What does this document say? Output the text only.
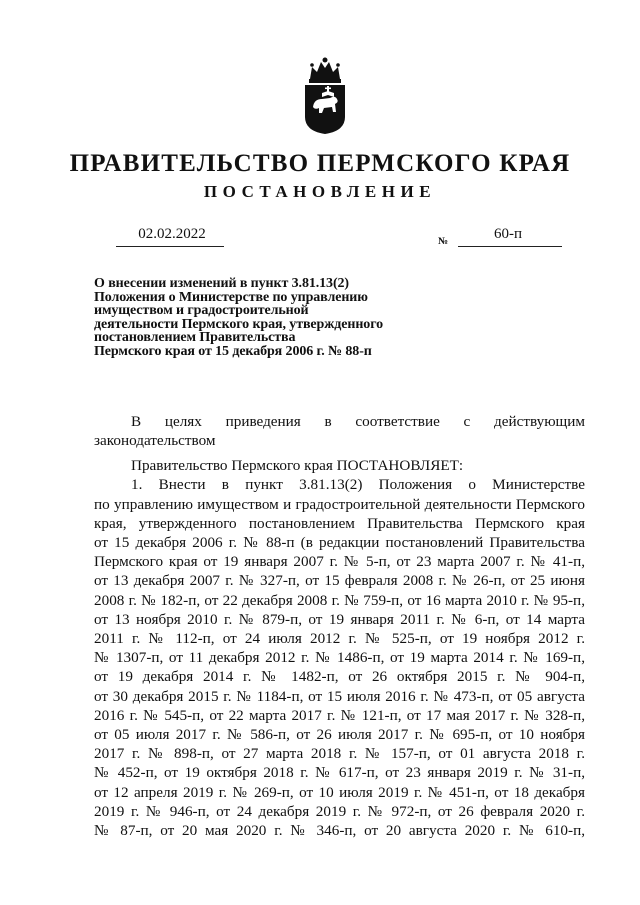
ПРАВИТЕЛЬСТВО ПЕРМСКОГО КРАЯ
ПОСТАНОВЛЕНИЕ
02.02.2022	№	60-п
О внесении изменений в пункт 3.81.13(2)
Положения о Министерстве по управлению
имуществом и градостроительной
деятельности Пермского края, утвержденного
постановлением Правительства
Пермского края от 15 декабря 2006 г. № 88-п
В целях приведения в соответствие с действующим
законодательством
Правительство Пермского края ПОСТАНОВЛЯЕТ:
1. Внести в пункт 3.81.13(2) Положения о Министерстве
по управлению имуществом и градостроительной деятельности Пермского
края, утвержденного постановлением Правительства Пермского края
от 15 декабря 2006 г. № 88-п (в редакции постановлений Правительства
Пермского края от 19 января 2007 г. № 5-п, от 23 марта 2007 г. № 41-п,
от 13 декабря 2007 г. № 327-п, от 15 февраля 2008 г. № 26-п, от 25 июня
2008 г. № 182-п, от 22 декабря 2008 г. № 759-п, от 16 марта 2010 г. № 95-п,
от 13 ноября 2010 г. № 879-п, от 19 января 2011 г. № 6-п, от 14 марта
2011 г. № 112-п, от 24 июля 2012 г. № 525-п, от 19 ноября 2012 г.
№ 1307-п, от 11 декабря 2012 г. № 1486-п, от 19 марта 2014 г. № 169-п,
от 19 декабря 2014 г. № 1482-п, от 26 октября 2015 г. № 904-п,
от 30 декабря 2015 г. № 1184-п, от 15 июля 2016 г. № 473-п, от 05 августа
2016 г. № 545-п, от 22 марта 2017 г. № 121-п, от 17 мая 2017 г. № 328-п,
от 05 июля 2017 г. № 586-п, от 26 июля 2017 г. № 695-п, от 10 ноября
2017 г. № 898-п, от 27 марта 2018 г. № 157-п, от 01 августа 2018 г.
№ 452-п, от 19 октября 2018 г. № 617-п, от 23 января 2019 г. № 31-п,
от 12 апреля 2019 г. № 269-п, от 10 июля 2019 г. № 451-п, от 18 декабря
2019 г. № 946-п, от 24 декабря 2019 г. № 972-п, от 26 февраля 2020 г.
№ 87-п, от 20 мая 2020 г. № 346-п, от 20 августа 2020 г. № 610-п,
